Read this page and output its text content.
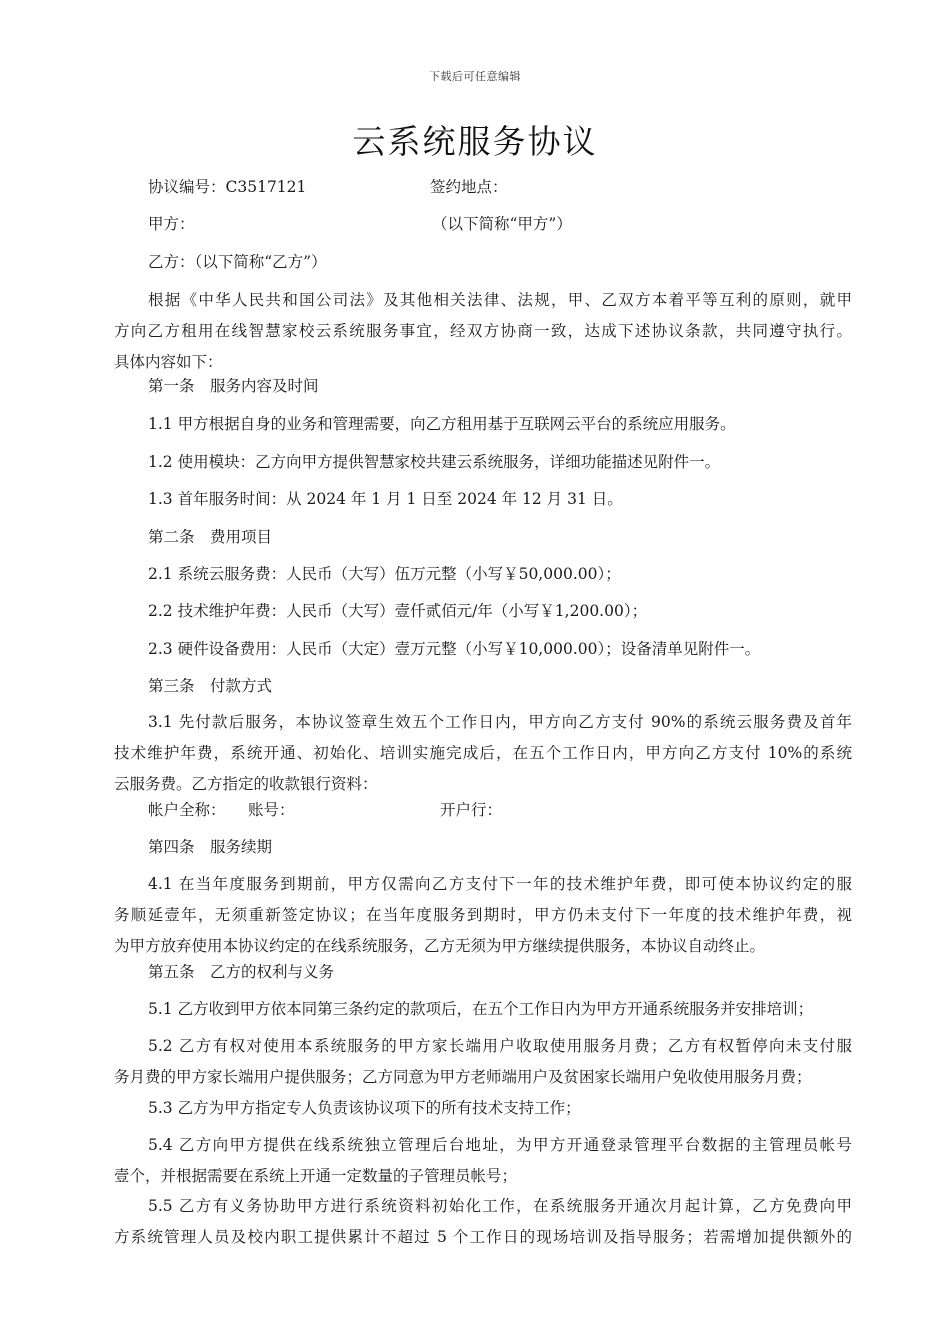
下载后可任意编辑
云系统服务协议
协议编号：C3517121	签约地点：
甲方：	（以下简称“甲方”）
乙方：（以下简称“乙方”）
根据《中华人民共和国公司法》及其他相关法律、法规，甲、乙双方本着平等互利的原则，就甲
方向乙方租用在线智慧家校云系统服务事宜，经双方协商一致，达成下述协议条款，共同遵守执行。
具体内容如下：
第一条　服务内容及时间
1.1 甲方根据自身的业务和管理需要，向乙方租用基于互联网云平台的系统应用服务。
1.2 使用模块：乙方向甲方提供智慧家校共建云系统服务，详细功能描述见附件一。
1.3 首年服务时间：从 2024 年 1 月 1 日至 2024 年 12 月 31 日。
第二条　费用项目
2.1 系统云服务费：人民币（大写）伍万元整（小写￥50,000.00）；
2.2 技术维护年费：人民币（大写）壹仟贰佰元/年（小写￥1,200.00）；
2.3 硬件设备费用：人民币（大定）壹万元整（小写￥10,000.00）；设备清单见附件一。
第三条　付款方式
3.1 先付款后服务，本协议签章生效五个工作日内，甲方向乙方支付 90%的系统云服务费及首年
技术维护年费，系统开通、初始化、培训实施完成后，在五个工作日内，甲方向乙方支付 10%的系统
云服务费。乙方指定的收款银行资料：
帐户全称： 账号：	开户行：
第四条　服务续期
4.1 在当年度服务到期前，甲方仅需向乙方支付下一年的技术维护年费，即可使本协议约定的服
务顺延壹年，无须重新签定协议；在当年度服务到期时，甲方仍未支付下一年度的技术维护年费，视
为甲方放弃使用本协议约定的在线系统服务，乙方无须为甲方继续提供服务，本协议自动终止。
第五条　乙方的权利与义务
5.1 乙方收到甲方依本同第三条约定的款项后，在五个工作日内为甲方开通系统服务并安排培训；
5.2 乙方有权对使用本系统服务的甲方家长端用户收取使用服务月费；乙方有权暂停向未支付服
务月费的甲方家长端用户提供服务；乙方同意为甲方老师端用户及贫困家长端用户免收使用服务月费；
5.3 乙方为甲方指定专人负责该协议项下的所有技术支持工作；
5.4 乙方向甲方提供在线系统独立管理后台地址，为甲方开通登录管理平台数据的主管理员帐号
壹个，并根据需要在系统上开通一定数量的子管理员帐号；
5.5 乙方有义务协助甲方进行系统资料初始化工作，在系统服务开通次月起计算，乙方免费向甲
方系统管理人员及校内职工提供累计不超过 5 个工作日的现场培训及指导服务；若需增加提供额外的
